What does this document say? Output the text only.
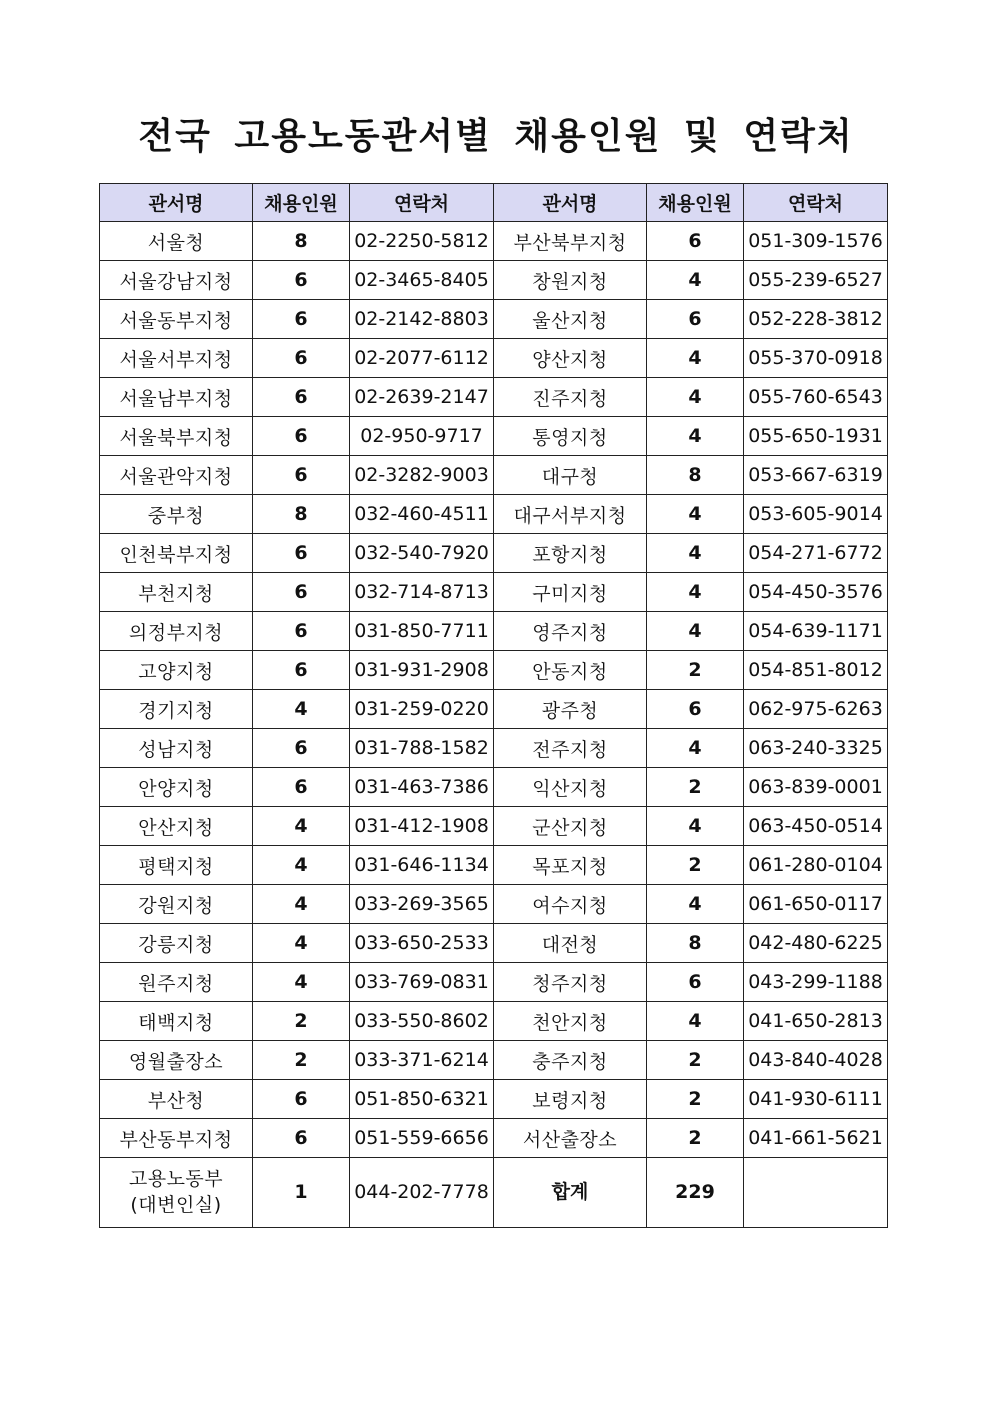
전국 고용노동관서별 채용인원 및 연락처
관서명	채용인원	연락처	관서명	채용인원	연락처
서울청	8	02-2250-5812	부산북부지청	6	051-309-1576
서울강남지청	6	02-3465-8405	창원지청	4	055-239-6527
서울동부지청	6	02-2142-8803	울산지청	6	052-228-3812
서울서부지청	6	02-2077-6112	양산지청	4	055-370-0918
서울남부지청	6	02-2639-2147	진주지청	4	055-760-6543
서울북부지청	6	02-950-9717	통영지청	4	055-650-1931
서울관악지청	6	02-3282-9003	대구청	8	053-667-6319
중부청	8	032-460-4511	대구서부지청	4	053-605-9014
인천북부지청	6	032-540-7920	포항지청	4	054-271-6772
부천지청	6	032-714-8713	구미지청	4	054-450-3576
의정부지청	6	031-850-7711	영주지청	4	054-639-1171
고양지청	6	031-931-2908	안동지청	2	054-851-8012
경기지청	4	031-259-0220	광주청	6	062-975-6263
성남지청	6	031-788-1582	전주지청	4	063-240-3325
안양지청	6	031-463-7386	익산지청	2	063-839-0001
안산지청	4	031-412-1908	군산지청	4	063-450-0514
평택지청	4	031-646-1134	목포지청	2	061-280-0104
강원지청	4	033-269-3565	여수지청	4	061-650-0117
강릉지청	4	033-650-2533	대전청	8	042-480-6225
원주지청	4	033-769-0831	청주지청	6	043-299-1188
태백지청	2	033-550-8602	천안지청	4	041-650-2813
영월출장소	2	033-371-6214	충주지청	2	043-840-4028
부산청	6	051-850-6321	보령지청	2	041-930-6111
부산동부지청	6	051-559-6656	서산출장소	2	041-661-5621
고용노동부
(대변인실)	1	044-202-7778	합계	229	
